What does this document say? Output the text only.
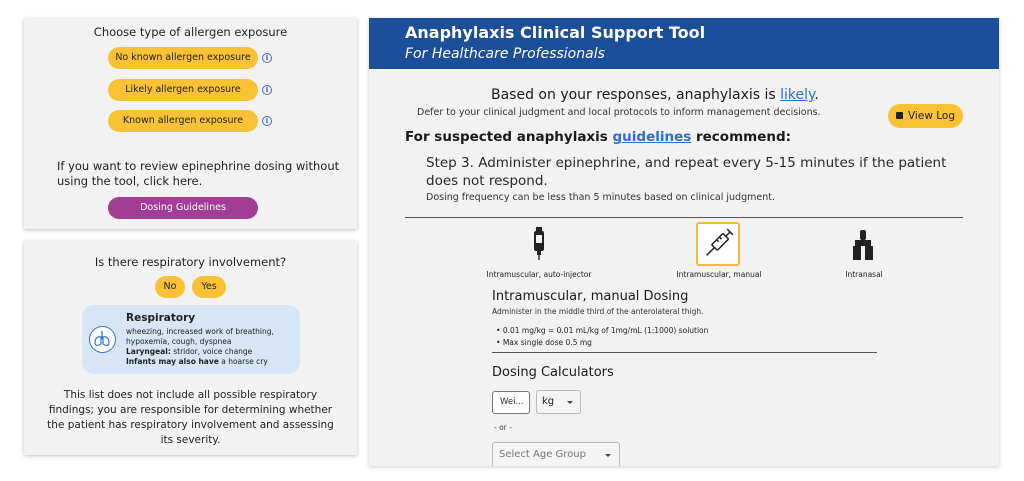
Choose type of allergen exposure
No known allergen exposure	i
Likely allergen exposure	i
Known allergen exposure	i
If you want to review epinephrine dosing without
using the tool, click here.
Dosing Guidelines
Is there respiratory involvement?
No	Yes
Respiratory
wheezing, increased work of breathing,
hypoxemia, cough, dyspnea
Laryngeal: stridor, voice change
Infants may also have a hoarse cry
This list does not include all possible respiratory
findings; you are responsible for determining whether
the patient has respiratory involvement and assessing
its severity.
Anaphylaxis Clinical Support Tool
For Healthcare Professionals
Based on your responses, anaphylaxis is likely.
Defer to your clinical judgment and local protocols to inform management decisions.	View Log
For suspected anaphylaxis guidelines recommend:
Step 3. Administer epinephrine, and repeat every 5-15 minutes if the patient does not respond.
Dosing frequency can be less than 5 minutes based on clinical judgment.
Intramuscular, auto-injector	Intramuscular, manual	Intranasal
Intramuscular, manual Dosing
Administer in the middle third of the anterolateral thigh.
• 0.01 mg/kg = 0.01 mL/kg of 1mg/mL (1:1000) solution
• Max single dose 0.5 mg
Dosing Calculators
Wei...	kg
- or -
Select Age Group
